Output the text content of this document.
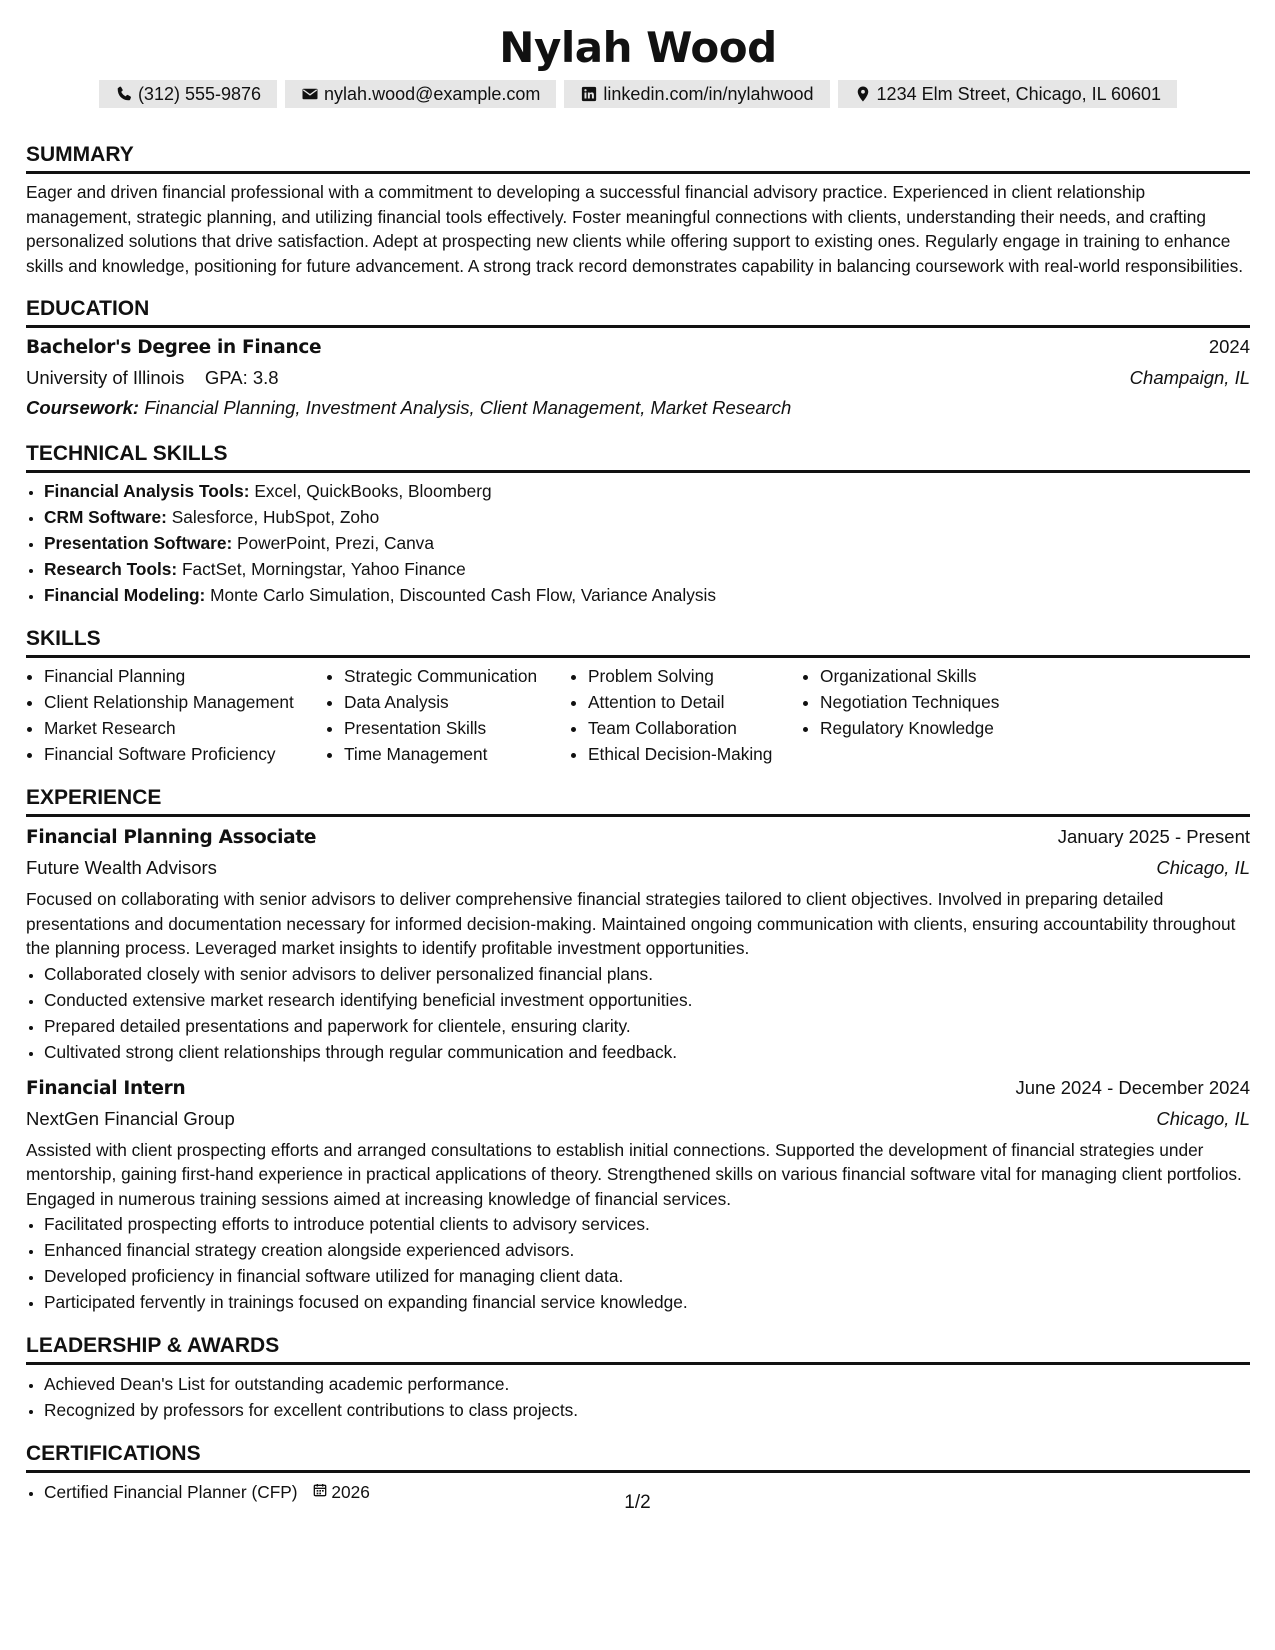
Nylah Wood
(312) 555-9876	nylah.wood@example.com	linkedin.com/in/nylahwood	1234 Elm Street, Chicago, IL 60601
SUMMARY
Eager and driven financial professional with a commitment to developing a successful financial advisory practice. Experienced in client relationship management, strategic planning, and utilizing financial tools effectively. Foster meaningful connections with clients, understanding their needs, and crafting personalized solutions that drive satisfaction. Adept at prospecting new clients while offering support to existing ones. Regularly engage in training to enhance skills and knowledge, positioning for future advancement. A strong track record demonstrates capability in balancing coursework with real-world responsibilities.
EDUCATION
Bachelor's Degree in Finance	2024
University of Illinois GPA: 3.8	Champaign, IL
Coursework: Financial Planning, Investment Analysis, Client Management, Market Research
TECHNICAL SKILLS
• Financial Analysis Tools: Excel, QuickBooks, Bloomberg
• CRM Software: Salesforce, HubSpot, Zoho
• Presentation Software: PowerPoint, Prezi, Canva
• Research Tools: FactSet, Morningstar, Yahoo Finance
• Financial Modeling: Monte Carlo Simulation, Discounted Cash Flow, Variance Analysis
SKILLS
• Financial Planning
• Client Relationship Management
• Market Research
• Financial Software Proficiency
• Strategic Communication
• Data Analysis
• Presentation Skills
• Time Management
• Problem Solving
• Attention to Detail
• Team Collaboration
• Ethical Decision-Making
• Organizational Skills
• Negotiation Techniques
• Regulatory Knowledge
EXPERIENCE
Financial Planning Associate	January 2025 - Present
Future Wealth Advisors	Chicago, IL
Focused on collaborating with senior advisors to deliver comprehensive financial strategies tailored to client objectives. Involved in preparing detailed presentations and documentation necessary for informed decision-making. Maintained ongoing communication with clients, ensuring accountability throughout the planning process. Leveraged market insights to identify profitable investment opportunities.
• Collaborated closely with senior advisors to deliver personalized financial plans.
• Conducted extensive market research identifying beneficial investment opportunities.
• Prepared detailed presentations and paperwork for clientele, ensuring clarity.
• Cultivated strong client relationships through regular communication and feedback.
Financial Intern	June 2024 - December 2024
NextGen Financial Group	Chicago, IL
Assisted with client prospecting efforts and arranged consultations to establish initial connections. Supported the development of financial strategies under mentorship, gaining first-hand experience in practical applications of theory. Strengthened skills on various financial software vital for managing client portfolios. Engaged in numerous training sessions aimed at increasing knowledge of financial services.
• Facilitated prospecting efforts to introduce potential clients to advisory services.
• Enhanced financial strategy creation alongside experienced advisors.
• Developed proficiency in financial software utilized for managing client data.
• Participated fervently in trainings focused on expanding financial service knowledge.
LEADERSHIP & AWARDS
• Achieved Dean's List for outstanding academic performance.
• Recognized by professors for excellent contributions to class projects.
CERTIFICATIONS
• Certified Financial Planner (CFP) 2026	1/2
